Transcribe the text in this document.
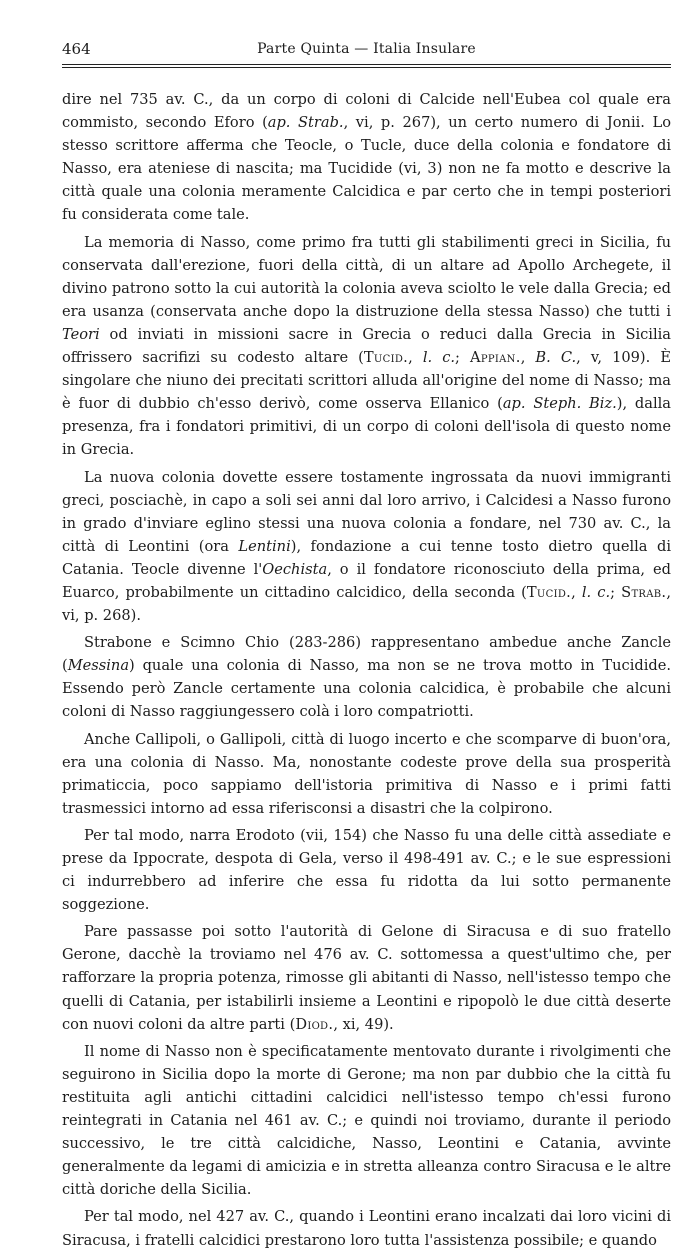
464	Parte Quinta — Italia Insulare

dire nel 735 av. C., da un corpo di coloni di Calcide nell'Eubea col quale era commisto, secondo Eforo (ap. Strab., vi, p. 267), un certo numero di Jonii. Lo stesso scrittore afferma che Teocle, o Tucle, duce della colonia e fondatore di Nasso, era ateniese di nascita; ma Tucidide (vi, 3) non ne fa motto e descrive la città quale una colonia meramente Calcidica e par certo che in tempi posteriori fu considerata come tale.

La memoria di Nasso, come primo fra tutti gli stabilimenti greci in Sicilia, fu conservata dall'erezione, fuori della città, di un altare ad Apollo Archegete, il divino patrono sotto la cui autorità la colonia aveva sciolto le vele dalla Grecia; ed era usanza (conservata anche dopo la distruzione della stessa Nasso) che tutti i Teori od inviati in missioni sacre in Grecia o reduci dalla Grecia in Sicilia offrissero sacrifizi su codesto altare (Tucid., l. c.; Appian., B. C., v, 109). È singolare che niuno dei precitati scrittori alluda all'origine del nome di Nasso; ma è fuor di dubbio ch'esso derivò, come osserva Ellanico (ap. Steph. Biz.), dalla presenza, fra i fondatori primitivi, di un corpo di coloni dell'isola di questo nome in Grecia.

La nuova colonia dovette essere tostamente ingrossata da nuovi immigranti greci, posciachè, in capo a soli sei anni dal loro arrivo, i Calcidesi a Nasso furono in grado d'inviare eglino stessi una nuova colonia a fondare, nel 730 av. C., la città di Leontini (ora Lentini), fondazione a cui tenne tosto dietro quella di Catania. Teocle divenne l'Oechista, o il fondatore riconosciuto della prima, ed Euarco, probabilmente un cittadino calcidico, della seconda (Tucid., l. c.; Strab., vi, p. 268).

Strabone e Scimno Chio (283-286) rappresentano ambedue anche Zancle (Messina) quale una colonia di Nasso, ma non se ne trova motto in Tucidide. Essendo però Zancle certamente una colonia calcidica, è probabile che alcuni coloni di Nasso raggiungessero colà i loro compatriotti.

Anche Callipoli, o Gallipoli, città di luogo incerto e che scomparve di buon'ora, era una colonia di Nasso. Ma, nonostante codeste prove della sua prosperità primaticcia, poco sappiamo dell'istoria primitiva di Nasso e i primi fatti trasmessici intorno ad essa riferisconsi a disastri che la colpirono.

Per tal modo, narra Erodoto (vii, 154) che Nasso fu una delle città assediate e prese da Ippocrate, despota di Gela, verso il 498-491 av. C.; e le sue espressioni ci indurrebbero ad inferire che essa fu ridotta da lui sotto permanente soggezione.

Pare passasse poi sotto l'autorità di Gelone di Siracusa e di suo fratello Gerone, dacchè la troviamo nel 476 av. C. sottomessa a quest'ultimo che, per rafforzare la propria potenza, rimosse gli abitanti di Nasso, nell'istesso tempo che quelli di Catania, per istabilirli insieme a Leontini e ripopolò le due città deserte con nuovi coloni da altre parti (Diod., xi, 49).

Il nome di Nasso non è specificatamente mentovato durante i rivolgimenti che seguirono in Sicilia dopo la morte di Gerone; ma non par dubbio che la città fu restituita agli antichi cittadini calcidici nell'istesso tempo ch'essi furono reintegrati in Catania nel 461 av. C.; e quindi noi troviamo, durante il periodo successivo, le tre città calcidiche, Nasso, Leontini e Catania, avvinte generalmente da legami di amicizia e in stretta alleanza contro Siracusa e le altre città doriche della Sicilia.

Per tal modo, nel 427 av. C., quando i Leontini erano incalzati dai loro vicini di Siracusa, i fratelli calcidici prestarono loro tutta l'assistenza possibile; e quando
